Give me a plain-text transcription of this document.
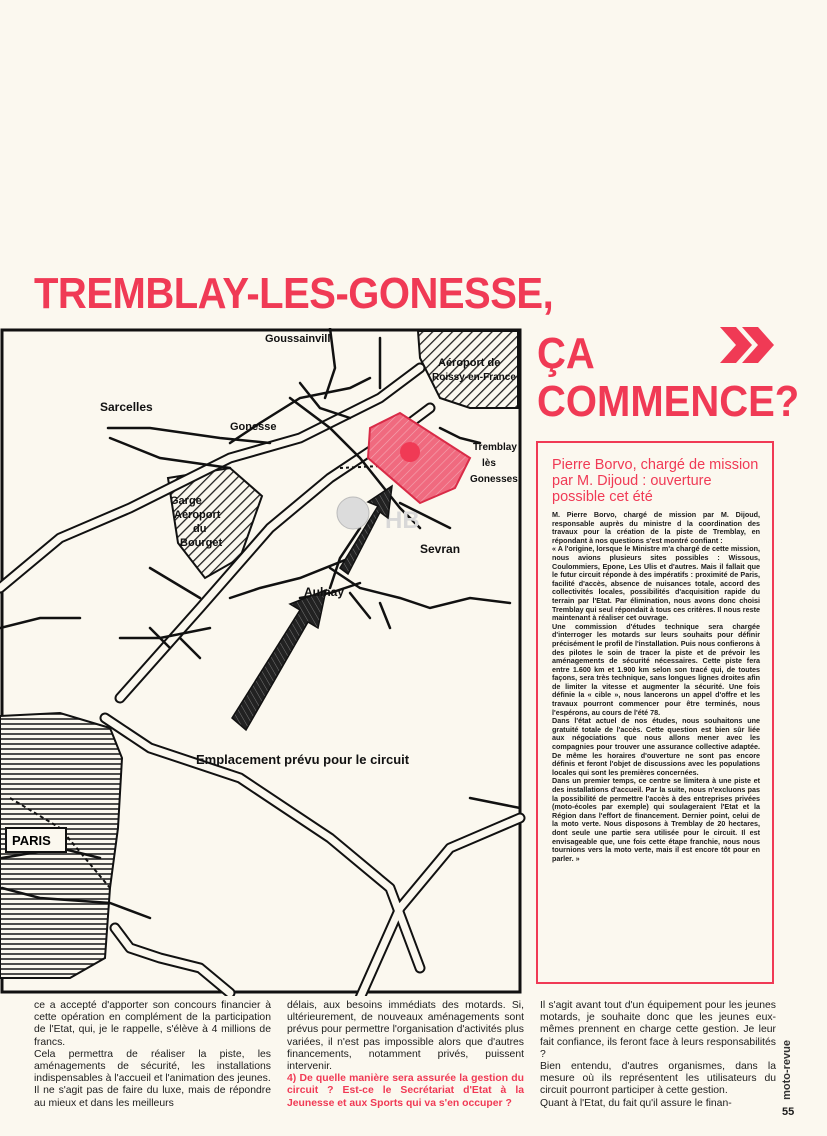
TREMBLAY-LES-GONESSE,
ÇA
COMMENCE?
HB
Goussainvill
Aéroport de
Roissy-en-France
Sarcelles
Gonesse
Tremblay
lès
Gonesses
Garge
Aéroport
du
Bourget	Sevran
Aulnay
Emplacement prévu pour le circuit
PARIS
Pierre Borvo, chargé de mission par M. Dijoud : ouverture possible cet été

M. Pierre Borvo, chargé de mission par M. Dijoud, responsable auprès du ministre d la coordination des travaux pour la création de la piste de Tremblay, en répondant à nos questions s'est montré confiant :

« A l'origine, lorsque le Ministre m'a chargé de cette mission, nous avions plusieurs sites possibles : Wissous, Coulommiers, Epone, Les Ulis et d'autres. Mais il fallait que le futur circuit réponde à des impératifs : proximité de Paris, facilité d'accès, absence de nuisances totale, accord des collectivités locales, possibilités d'acquisition rapide du terrain par l'Etat. Par élimination, nous avons donc choisi Tremblay qui seul répondait à tous ces critères. Il nous reste maintenant à réaliser cet ouvrage.

Une commission d'études technique sera chargée d'interroger les motards sur leurs souhaits pour définir précisément le profil de l'installation. Puis nous confierons à des pilotes le soin de tracer la piste et de prévoir les aménagements de sécurité nécessaires. Cette piste fera entre 1.600 km et 1.900 km selon son tracé qui, de toutes façons, sera très technique, sans longues lignes droites afin de limiter la vitesse et augmenter la sécurité. Une fois définie la « cible », nous lancerons un appel d'offre et les travaux pourront commencer pour être terminés, nous l'espérons, au cours de l'été 78.

Dans l'état actuel de nos études, nous souhaitons une gratuité totale de l'accès. Cette question est bien sûr liée aux négociations que nous allons mener avec les compagnies pour trouver une assurance collective adaptée. De même les horaires d'ouverture ne sont pas encore définis et feront l'objet de discussions avec les populations locales qui sont les premières concernées.

Dans un premier temps, ce centre se limitera à une piste et des installations d'accueil. Par la suite, nous n'excluons pas la possibilité de permettre l'accès à des entreprises privées (moto-écoles par exemple) qui soulageraient l'Etat et la Région dans l'effort de financement. Dernier point, celui de la moto verte. Nous disposons à Tremblay de 20 hectares, dont seule une partie sera utilisée pour le circuit. Il est envisageable que, une fois cette étape franchie, nous nous tournions vers la moto verte, mais il est encore tôt pour en parler. »

ce a accepté d'apporter son concours financier à cette opération en complément de la participation de l'Etat, qui, je le rappelle, s'élève à 4 millions de francs.

Cela permettra de réaliser la piste, les aménagements de sécurité, les installations indispensables à l'accueil et l'animation des jeunes.

Il ne s'agit pas de faire du luxe, mais de répondre au mieux et dans les meilleurs

délais, aux besoins immédiats des motards. Si, ultérieurement, de nouveaux aménagements sont prévus pour permettre l'organisation d'activités plus variées, il n'est pas impossible alors que d'autres financements, notamment privés, puissent intervenir.

4) De quelle manière sera assurée la gestion du circuit ? Est-ce le Secrétariat d'Etat à la Jeunesse et aux Sports qui va s'en occuper ?

Il s'agit avant tout d'un équipement pour les jeunes motards, je souhaite donc que les jeunes eux-mêmes prennent en charge cette gestion. Je leur fait confiance, ils feront face à leurs responsabilités ?

Bien entendu, d'autres organismes, dans la mesure où ils représentent les utilisateurs du circuit pourront participer à cette gestion.

Quant à l'Etat, du fait qu'il assure le finan-

moto-revue
55
